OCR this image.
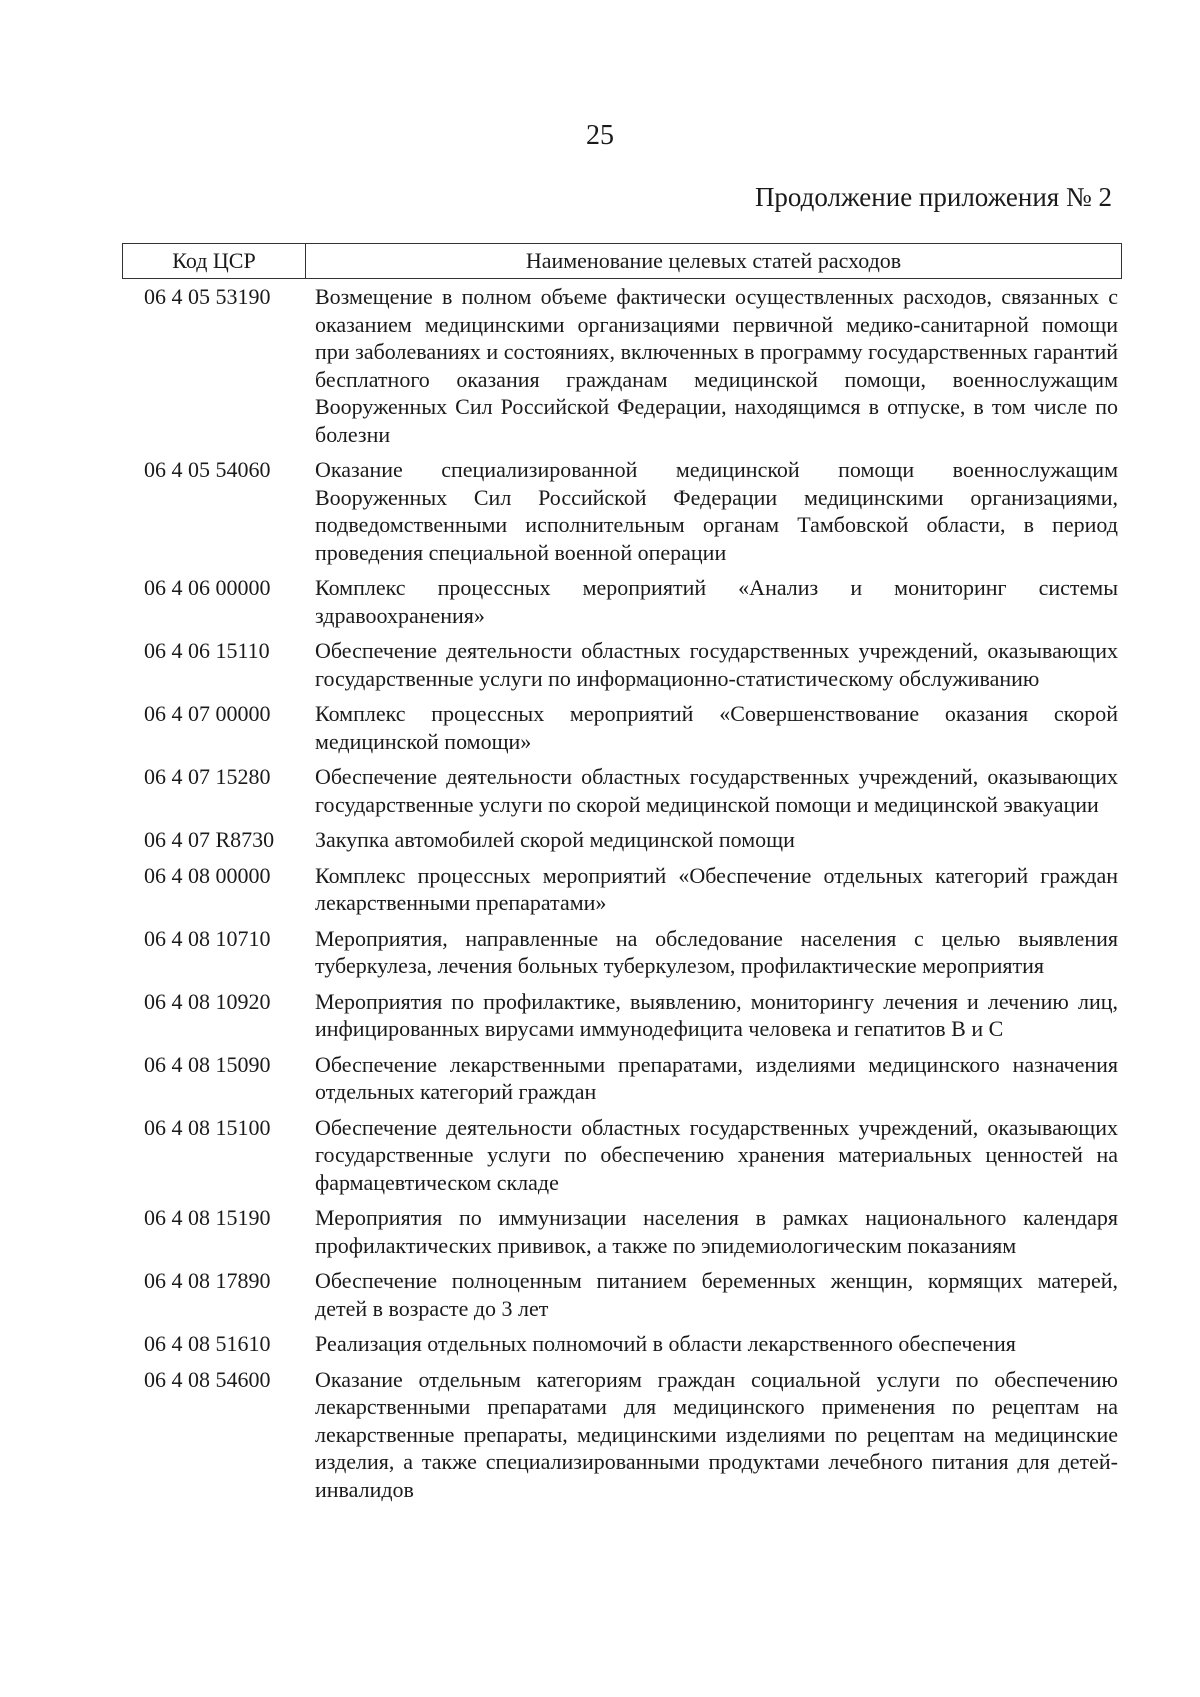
25
Продолжение приложения № 2
Код ЦСР	Наименование целевых статей расходов
06 4 05 53190	Возмещение в полном объеме фактически осуществленных расходов, связанных с оказанием медицинскими организациями первичной медико-санитарной помощи при заболеваниях и состояниях, включенных в программу государственных гарантий бесплатного оказания гражданам медицинской помощи, военнослужащим Вооруженных Сил Российской Федерации, находящимся в отпуске, в том числе по болезни
06 4 05 54060	Оказание специализированной медицинской помощи военнослужащим Вооруженных Сил Российской Федерации медицинскими организациями, подведомственными исполнительным органам Тамбовской области, в период проведения специальной военной операции
06 4 06 00000	Комплекс процессных мероприятий «Анализ и мониторинг системы здравоохранения»
06 4 06 15110	Обеспечение деятельности областных государственных учреждений, оказывающих государственные услуги по информационно-статистическому обслуживанию
06 4 07 00000	Комплекс процессных мероприятий «Совершенствование оказания скорой медицинской помощи»
06 4 07 15280	Обеспечение деятельности областных государственных учреждений, оказывающих государственные услуги по скорой медицинской помощи и медицинской эвакуации
06 4 07 R8730	Закупка автомобилей скорой медицинской помощи
06 4 08 00000	Комплекс процессных мероприятий «Обеспечение отдельных категорий граждан лекарственными препаратами»
06 4 08 10710	Мероприятия, направленные на обследование населения с целью выявления туберкулеза, лечения больных туберкулезом, профилактические мероприятия
06 4 08 10920	Мероприятия по профилактике, выявлению, мониторингу лечения и лечению лиц, инфицированных вирусами иммунодефицита человека и гепатитов B и C
06 4 08 15090	Обеспечение лекарственными препаратами, изделиями медицинского назначения отдельных категорий граждан
06 4 08 15100	Обеспечение деятельности областных государственных учреждений, оказывающих государственные услуги по обеспечению хранения материальных ценностей на фармацевтическом складе
06 4 08 15190	Мероприятия по иммунизации населения в рамках национального календаря профилактических прививок, а также по эпидемиологическим показаниям
06 4 08 17890	Обеспечение полноценным питанием беременных женщин, кормящих матерей, детей в возрасте до 3 лет
06 4 08 51610	Реализация отдельных полномочий в области лекарственного обеспечения
06 4 08 54600	Оказание отдельным категориям граждан социальной услуги по обеспечению лекарственными препаратами для медицинского применения по рецептам на лекарственные препараты, медицинскими изделиями по рецептам на медицинские изделия, а также специализированными продуктами лечебного питания для детей-инвалидов
